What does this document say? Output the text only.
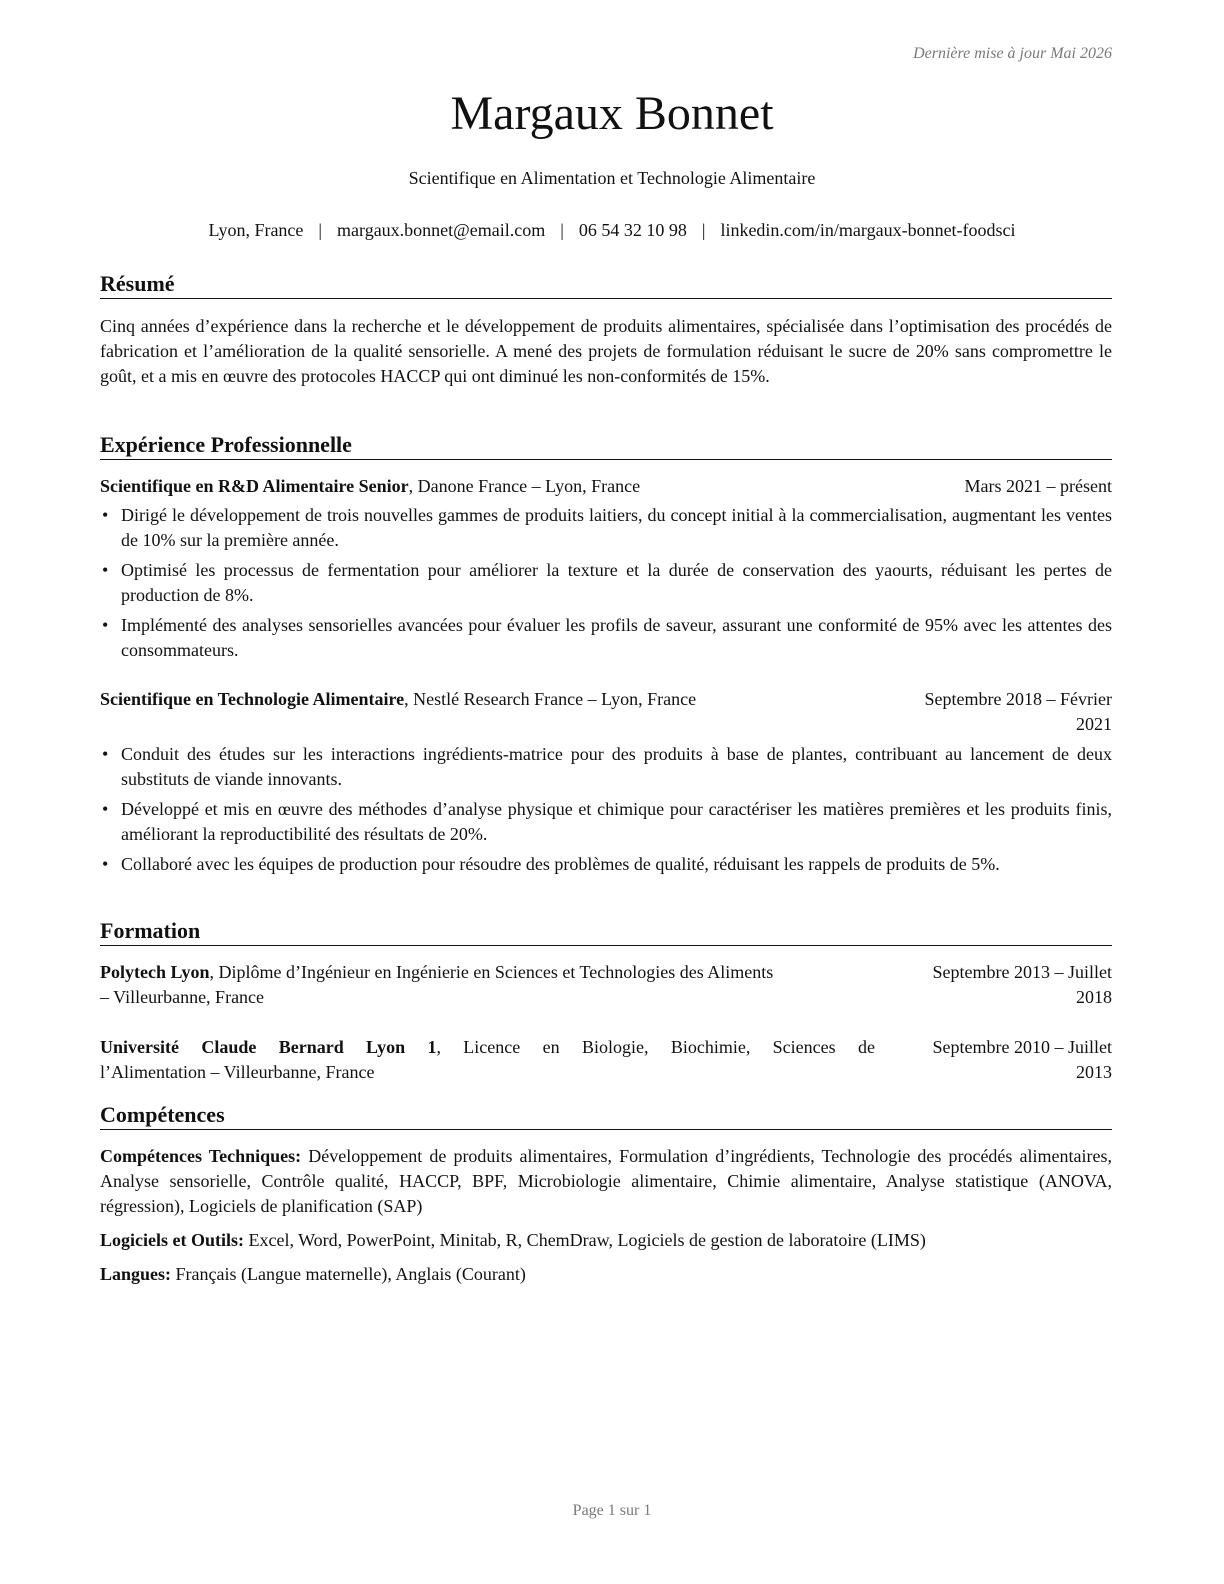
Dernière mise à jour Mai 2026
Margaux Bonnet
Scientifique en Alimentation et Technologie Alimentaire
Lyon, France | margaux.bonnet@email.com | 06 54 32 10 98 | linkedin.com/in/margaux-bonnet-foodsci
Résumé
Cinq années d’expérience dans la recherche et le développement de produits alimentaires, spécialisée dans l’optimisation des procédés de fabrication et l’amélioration de la qualité sensorielle. A mené des projets de formulation réduisant le sucre de 20% sans compromettre le goût, et a mis en œuvre des protocoles HACCP qui ont diminué les non-conformités de 15%.
Expérience Professionnelle
Scientifique en R&D Alimentaire Senior, Danone France – Lyon, France	Mars 2021 – présent
• Dirigé le développement de trois nouvelles gammes de produits laitiers, du concept initial à la commercialisation, augmentant les ventes de 10% sur la première année.
• Optimisé les processus de fermentation pour améliorer la texture et la durée de conservation des yaourts, réduisant les pertes de production de 8%.
• Implémenté des analyses sensorielles avancées pour évaluer les profils de saveur, assurant une conformité de 95% avec les attentes des consommateurs.
Scientifique en Technologie Alimentaire, Nestlé Research France – Lyon, France	Septembre 2018 – Février
2021
• Conduit des études sur les interactions ingrédients-matrice pour des produits à base de plantes, contribuant au lancement de deux substituts de viande innovants.
• Développé et mis en œuvre des méthodes d’analyse physique et chimique pour caractériser les matières premières et les produits finis, améliorant la reproductibilité des résultats de 20%.
• Collaboré avec les équipes de production pour résoudre des problèmes de qualité, réduisant les rappels de produits de 5%.
Formation
Polytech Lyon, Diplôme d’Ingénieur en Ingénierie en Sciences et Technologies des Aliments
– Villeurbanne, France
Septembre 2013 – Juillet
2018
Université Claude Bernard Lyon 1, Licence en Biologie, Biochimie, Sciences de
l’Alimentation – Villeurbanne, France
Septembre 2010 – Juillet
2013
Compétences
Compétences Techniques: Développement de produits alimentaires, Formulation d’ingrédients, Technologie des procédés alimentaires, Analyse sensorielle, Contrôle qualité, HACCP, BPF, Microbiologie alimentaire, Chimie alimentaire, Analyse statistique (ANOVA, régression), Logiciels de planification (SAP)
Logiciels et Outils: Excel, Word, PowerPoint, Minitab, R, ChemDraw, Logiciels de gestion de laboratoire (LIMS)
Langues: Français (Langue maternelle), Anglais (Courant)
Page 1 sur 1
